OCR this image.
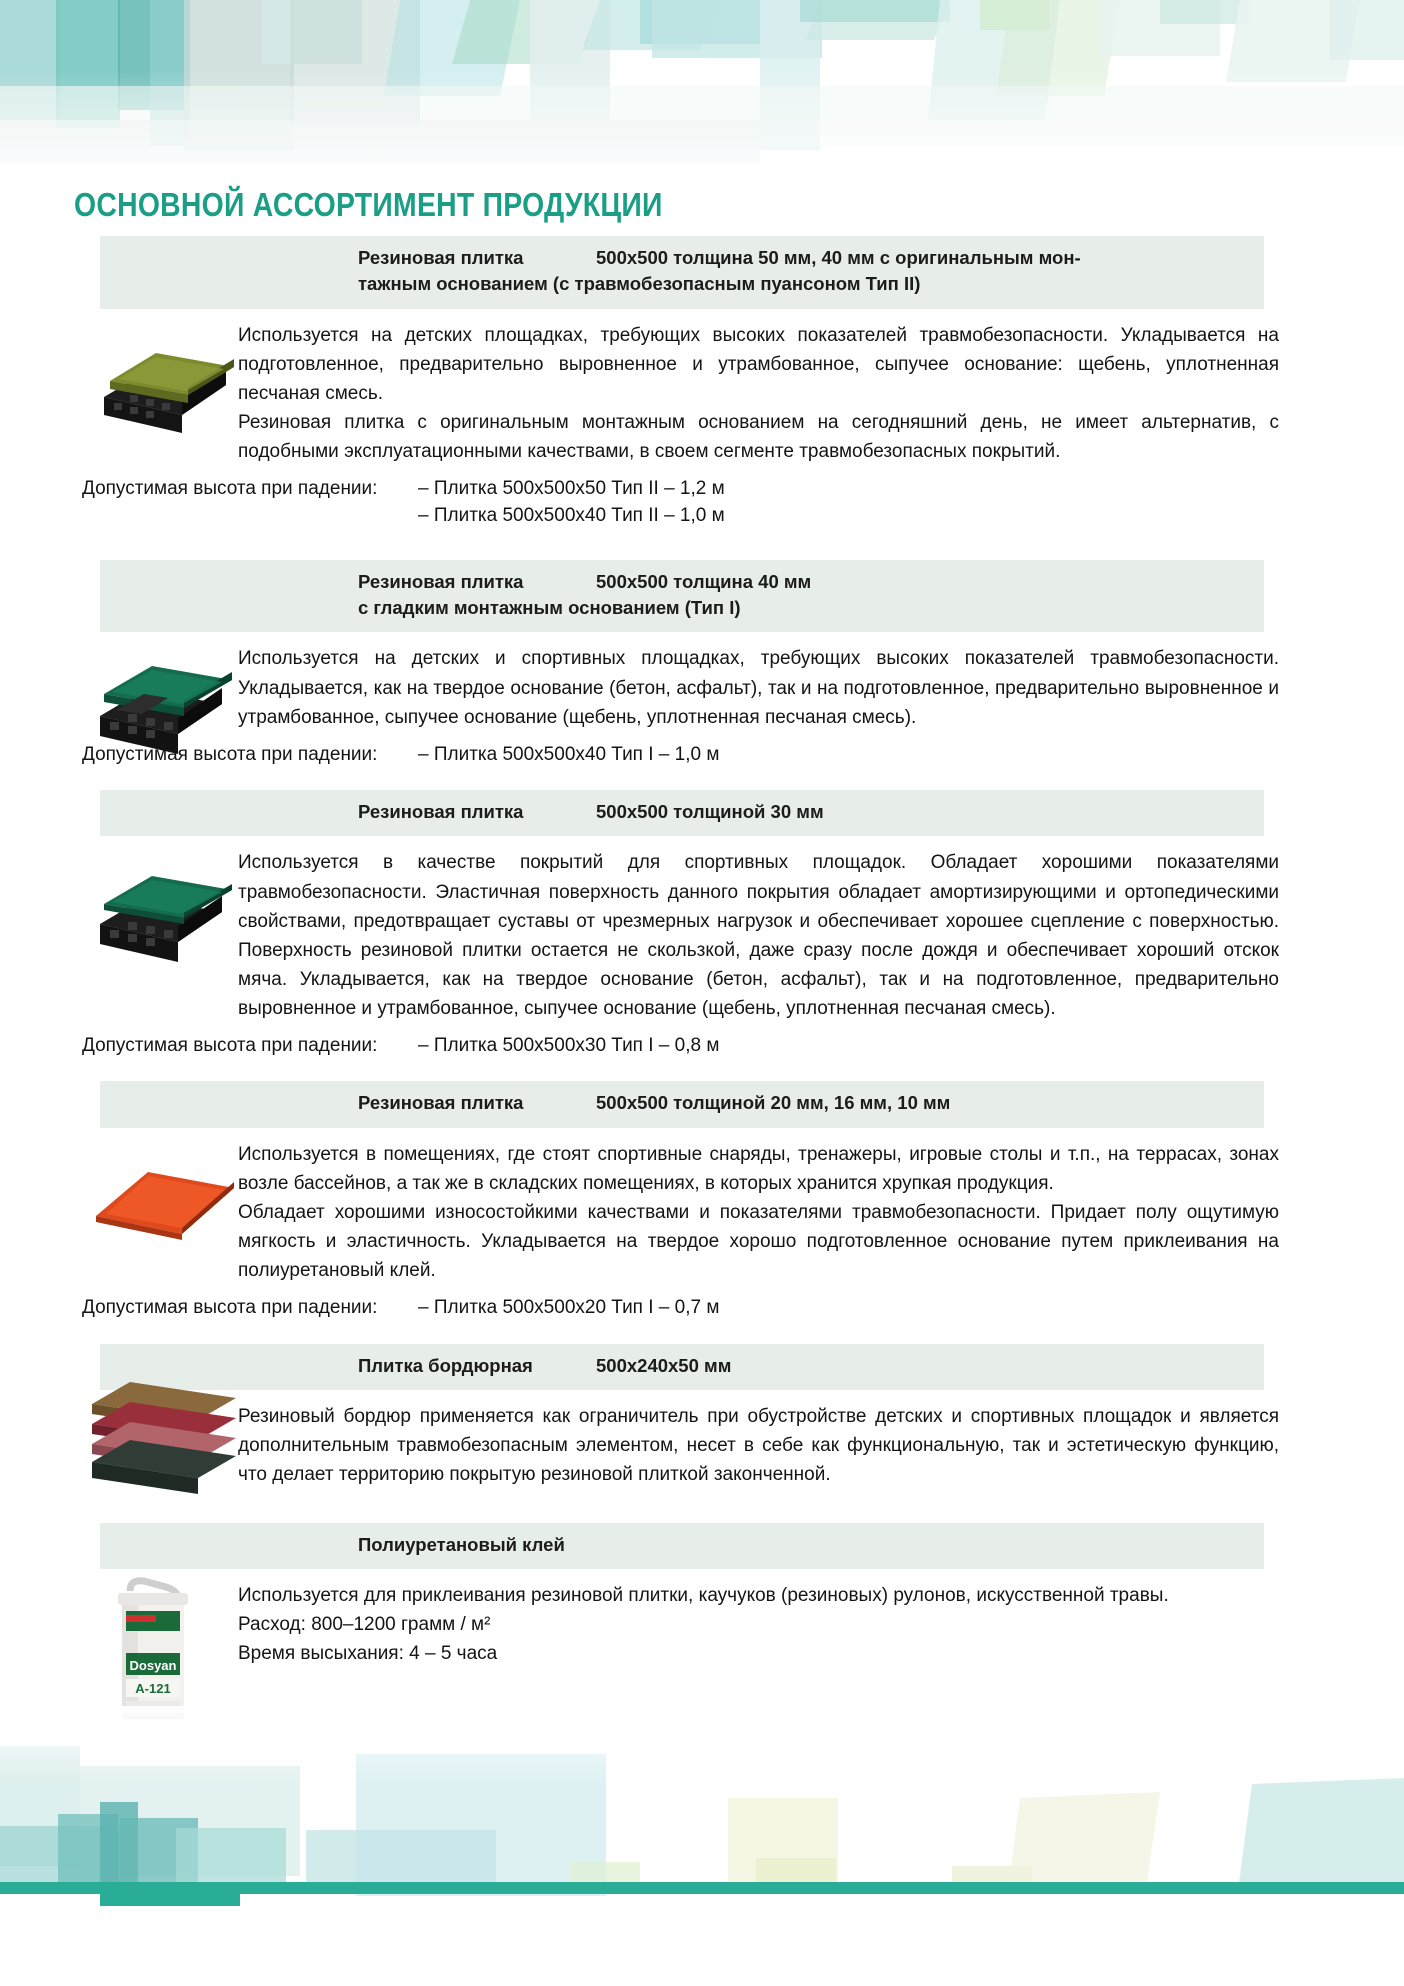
ОСНОВНОЙ АССОРТИМЕНТ ПРОДУКЦИИ
Резиновая плитка	500x500 толщина 50 мм, 40 мм с оригинальным мон-
тажным основанием (с травмобезопасным пуансоном Тип II)

Используется на детских площадках, требующих высоких показателей травмобезопасности. Укладывается на подготовленное, предварительно выровненное и утрамбованное, сыпучее основание: щебень, уплотненная песчаная смесь.

Резиновая плитка с оригинальным монтажным основанием на сегодняшний день, не имеет альтернатив, с подобными эксплуатационными качествами, в своем сегменте травмобезопасных покрытий.

Допустимая высота при падении: – Плитка 500х500х50 Тип II – 1,2 м
– Плитка 500х500х40 Тип II – 1,0 м
Резиновая плитка	500x500 толщина 40 мм
с гладким монтажным основанием (Тип I)

Используется на детских и спортивных площадках, требующих высоких показателей травмобезопасности. Укладывается, как на твердое основание (бетон, асфальт), так и на подготовленное, предварительно выровненное и утрамбованное, сыпучее основание (щебень, уплотненная песчаная смесь).

Допустимая высота при падении: – Плитка 500х500х40 Тип I – 1,0 м
Резиновая плитка	500x500 толщиной 30 мм

Используется в качестве покрытий для спортивных площадок. Обладает хорошими показателями травмобезопасности. Эластичная поверхность данного покрытия обладает амортизирующими и ортопедическими свойствами, предотвращает суставы от чрезмерных нагрузок и обеспечивает хорошее сцепление с поверхностью. Поверхность резиновой плитки остается не скользкой, даже сразу после дождя и обеспечивает хороший отскок мяча. Укладывается, как на твердое основание (бетон, асфальт), так и на подготовленное, предварительно выровненное и утрамбованное, сыпучее основание (щебень, уплотненная песчаная смесь).

Допустимая высота при падении: – Плитка 500х500х30 Тип I – 0,8 м
Резиновая плитка	500x500 толщиной 20 мм, 16 мм, 10 мм

Используется в помещениях, где стоят спортивные снаряды, тренажеры, игровые столы и т.п., на террасах, зонах возле бассейнов, а так же в складских помещениях, в которых хранится хрупкая продукция.

Обладает хорошими износостойкими качествами и показателями травмобезопасности. Придает полу ощутимую мягкость и эластичность. Укладывается на твердое хорошо подготовленное основание путем приклеивания на полиуретановый клей.

Допустимая высота при падении: – Плитка 500х500х20 Тип I – 0,7 м
Плитка бордюрная	500x240x50 мм

Резиновый бордюр применяется как ограничитель при обустройстве детских и спортивных площадок и является дополнительным травмобезопасным элементом, несет в себе как функциональную, так и эстетическую функцию, что делает территорию покрытую резиновой плиткой законченной.

Полиуретановый клей
Dosyan
A-121

Используется для приклеивания резиновой плитки, каучуков (резиновых) рулонов, искусственной травы.

Расход: 800–1200 грамм / м²

Время высыхания: 4 – 5 часа
